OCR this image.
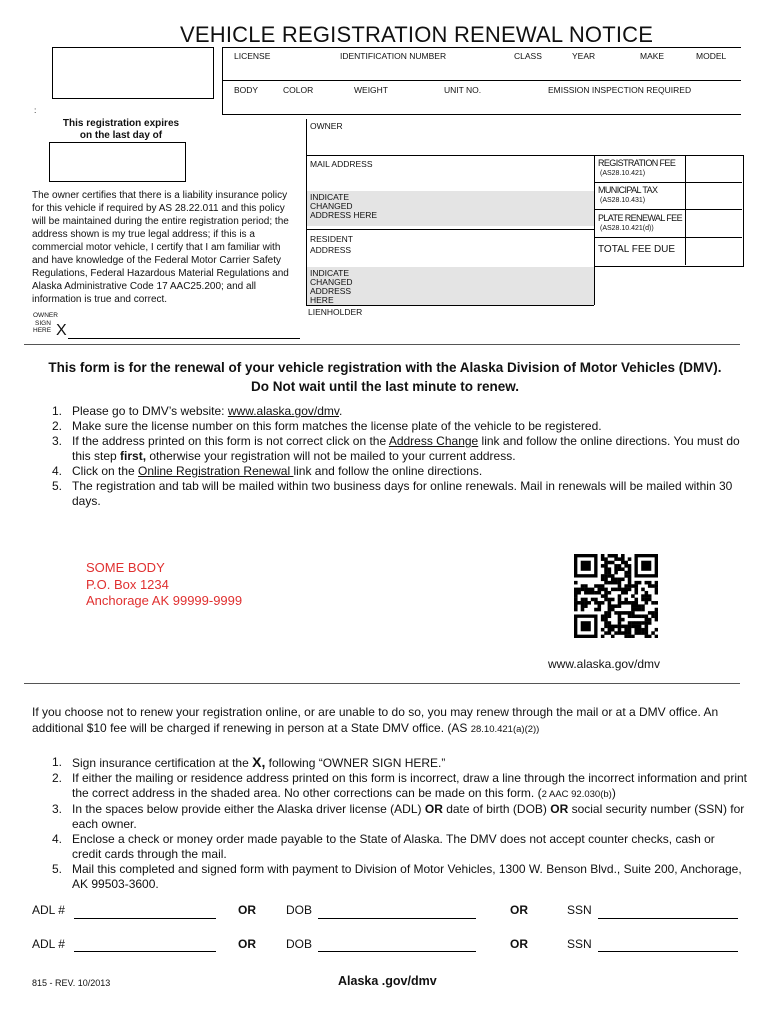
VEHICLE REGISTRATION RENEWAL NOTICE
LICENSE	IDENTIFICATION NUMBER	CLASS	YEAR	MAKE	MODEL
BODY	COLOR	WEIGHT	UNIT NO.	EMISSION INSPECTION REQUIRED
:
This registration expires
on the last day of
The owner certifies that there is a liability insurance policy for this vehicle if required by AS 28.22.011 and this policy will be maintained during the entire registration period; the address shown is my true legal address; if this is a commercial motor vehicle, I certify that I am familiar with and have knowledge of the Federal Motor Carrier Safety Regulations, Federal Hazardous Material Regulations and Alaska Administrative Code 17 AAC25.200; and all information is true and correct.
OWNER
SIGN
HERE X
OWNER
MAIL ADDRESS
INDICATE
CHANGED
ADDRESS HERE
RESIDENT
ADDRESS
INDICATE
CHANGED
ADDRESS
HERE
LIENHOLDER
REGISTRATION FEE
(AS28.10.421)
MUNICIPAL TAX
(AS28.10.431)
PLATE RENEWAL FEE
(AS28.10.421(d))
TOTAL FEE DUE
This form is for the renewal of your vehicle registration with the Alaska Division of Motor Vehicles (DMV).
Do Not wait until the last minute to renew.
1. Please go to DMV’s website: www.alaska.gov/dmv.
2. Make sure the license number on this form matches the license plate of the vehicle to be registered.
3. If the address printed on this form is not correct click on the Address Change link and follow the online directions. You must do this step first, otherwise your registration will not be mailed to your current address.
4. Click on the Online Registration Renewal link and follow the online directions.
5. The registration and tab will be mailed within two business days for online renewals. Mail in renewals will be mailed within 30 days.
SOME BODY
P.O. Box 1234
Anchorage AK 99999-9999
www.alaska.gov/dmv
If you choose not to renew your registration online, or are unable to do so, you may renew through the mail or at a DMV office. An additional $10 fee will be charged if renewing in person at a State DMV office. (AS 28.10.421(a)(2))
1. Sign insurance certification at the X, following “OWNER SIGN HERE.”
2. If either the mailing or residence address printed on this form is incorrect, draw a line through the incorrect information and print the correct address in the shaded area. No other corrections can be made on this form. (2 AAC 92.030(b))
3. In the spaces below provide either the Alaska driver license (ADL) OR date of birth (DOB) OR social security number (SSN) for each owner.
4. Enclose a check or money order made payable to the State of Alaska. The DMV does not accept counter checks, cash or credit cards through the mail.
5. Mail this completed and signed form with payment to Division of Motor Vehicles, 1300 W. Benson Blvd., Suite 200, Anchorage, AK 99503-3600.
ADL #	OR	DOB	OR	SSN
ADL #	OR	DOB	OR	SSN
815 - REV. 10/2013	Alaska .gov/dmv
